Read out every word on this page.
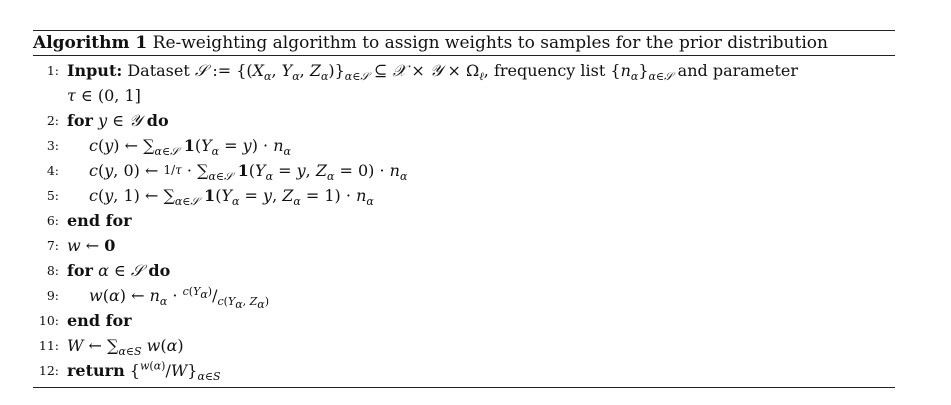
Algorithm 1 Re-weighting algorithm to assign weights to samples for the prior distribution
1: Input: Dataset 𝒮 := {($X_\alpha$, $Y_\alpha$, $Z_\alpha)\}_{\alpha\in 𝒮}$ ⊆ 𝒳 × 𝒴 × $\Omega_\ell$, frequency list $\{n_\alpha\}_{\alpha\in 𝒮}$ and parameter
τ ∈ (0, 1]
2: for y ∈ 𝒴 do
3: c(y) ← $\sum_{\alpha\in 𝒮}$ $1(Y_\alpha = y) \cdot n_\alpha$
4: c(y, 0) ← $1/\tau \cdot \sum_{\alpha\in 𝒮}$ $1(Y_\alpha = y$, $Z_\alpha = 0) \cdot n_\alpha$
5: c(y, 1) ← $\sum_{\alpha\in 𝒮}$ $1(Y_\alpha = y$, $Z_\alpha = 1) \cdot n_\alpha$
6: end for
7: w ← 0
8: for α ∈ 𝒮 do
9: w(α) ← $n_\alpha \cdot ^{c(Y_\alpha)}/_{c(Y_\alpha, Z_\alpha)}$
10: end for
11: W ← $\sum_{\alpha\in S}$ w(α)
12: return $\{^{w(\alpha)}/W\}_{\alpha\in S}$
